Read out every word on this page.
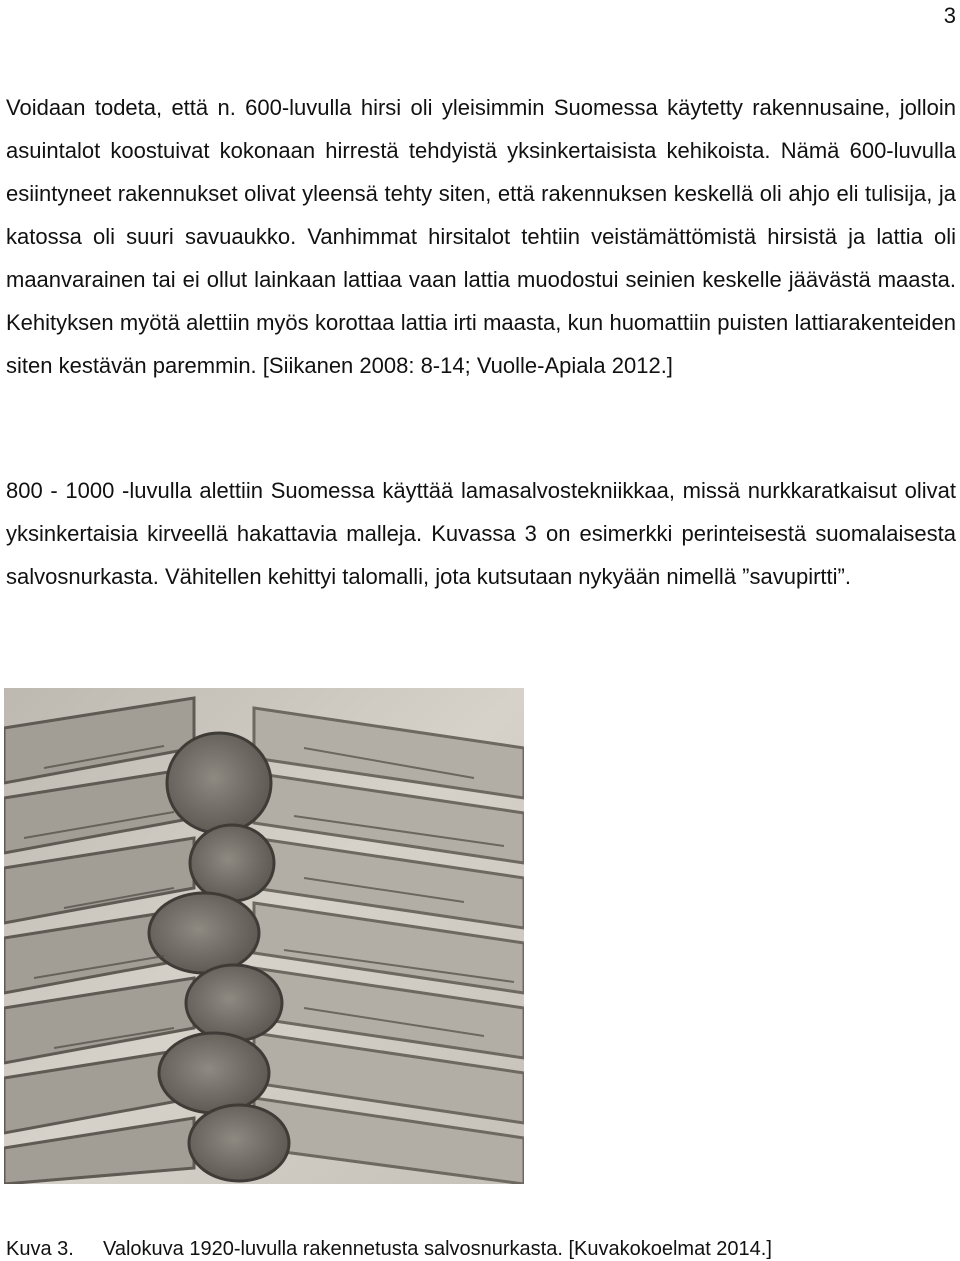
3

Voidaan todeta, että n. 600-luvulla hirsi oli yleisimmin Suomessa käytetty rakennusaine, jolloin asuintalot koostuivat kokonaan hirrestä tehdyistä yksinkertaisista kehikoista. Nämä 600-luvulla esiintyneet rakennukset olivat yleensä tehty siten, että rakennuksen keskellä oli ahjo eli tulisija, ja katossa oli suuri savuaukko. Vanhimmat hirsitalot tehtiin veistämättömistä hirsistä ja lattia oli maanvarainen tai ei ollut lainkaan lattiaa vaan lattia muodostui seinien keskelle jäävästä maasta. Kehityksen myötä alettiin myös korottaa lattia irti maasta, kun huomattiin puisten lattiarakenteiden siten kestävän paremmin. [Siikanen 2008: 8-14; Vuolle-Apiala 2012.]

800 - 1000 -luvulla alettiin Suomessa käyttää lamasalvostekniikkaa, missä nurkkaratkaisut olivat yksinkertaisia kirveellä hakattavia malleja. Kuvassa 3 on esimerkki perinteisestä suomalaisesta salvosnurkasta. Vähitellen kehittyi talomalli, jota kutsutaan nykyään nimellä ”savupirtti”.

Kuva 3. Valokuva 1920-luvulla rakennetusta salvosnurkasta. [Kuvakokoelmat 2014.]
